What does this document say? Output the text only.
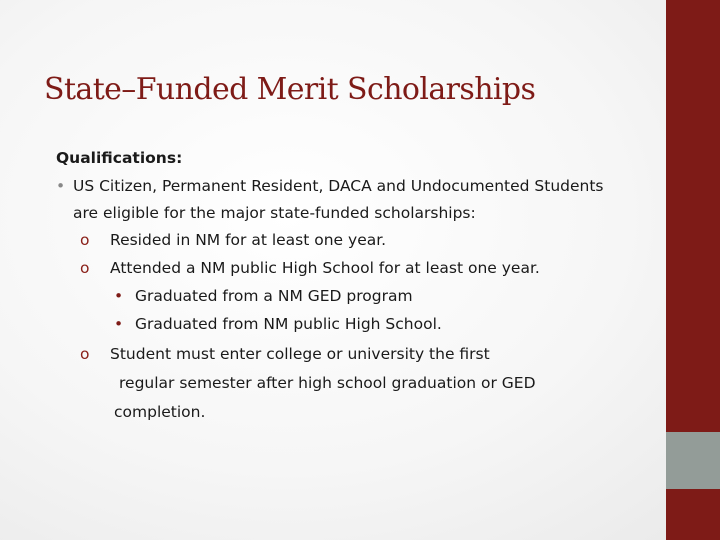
State–Funded Merit Scholarships
Qualifications:
• US Citizen, Permanent Resident, DACA and Undocumented Students
are eligible for the major state-funded scholarships:
o Resided in NM for at least one year.
o Attended a NM public High School for at least one year.
• Graduated from a NM GED program
• Graduated from NM public High School.
o Student must enter college or university the first
regular semester after high school graduation or GED
completion.
